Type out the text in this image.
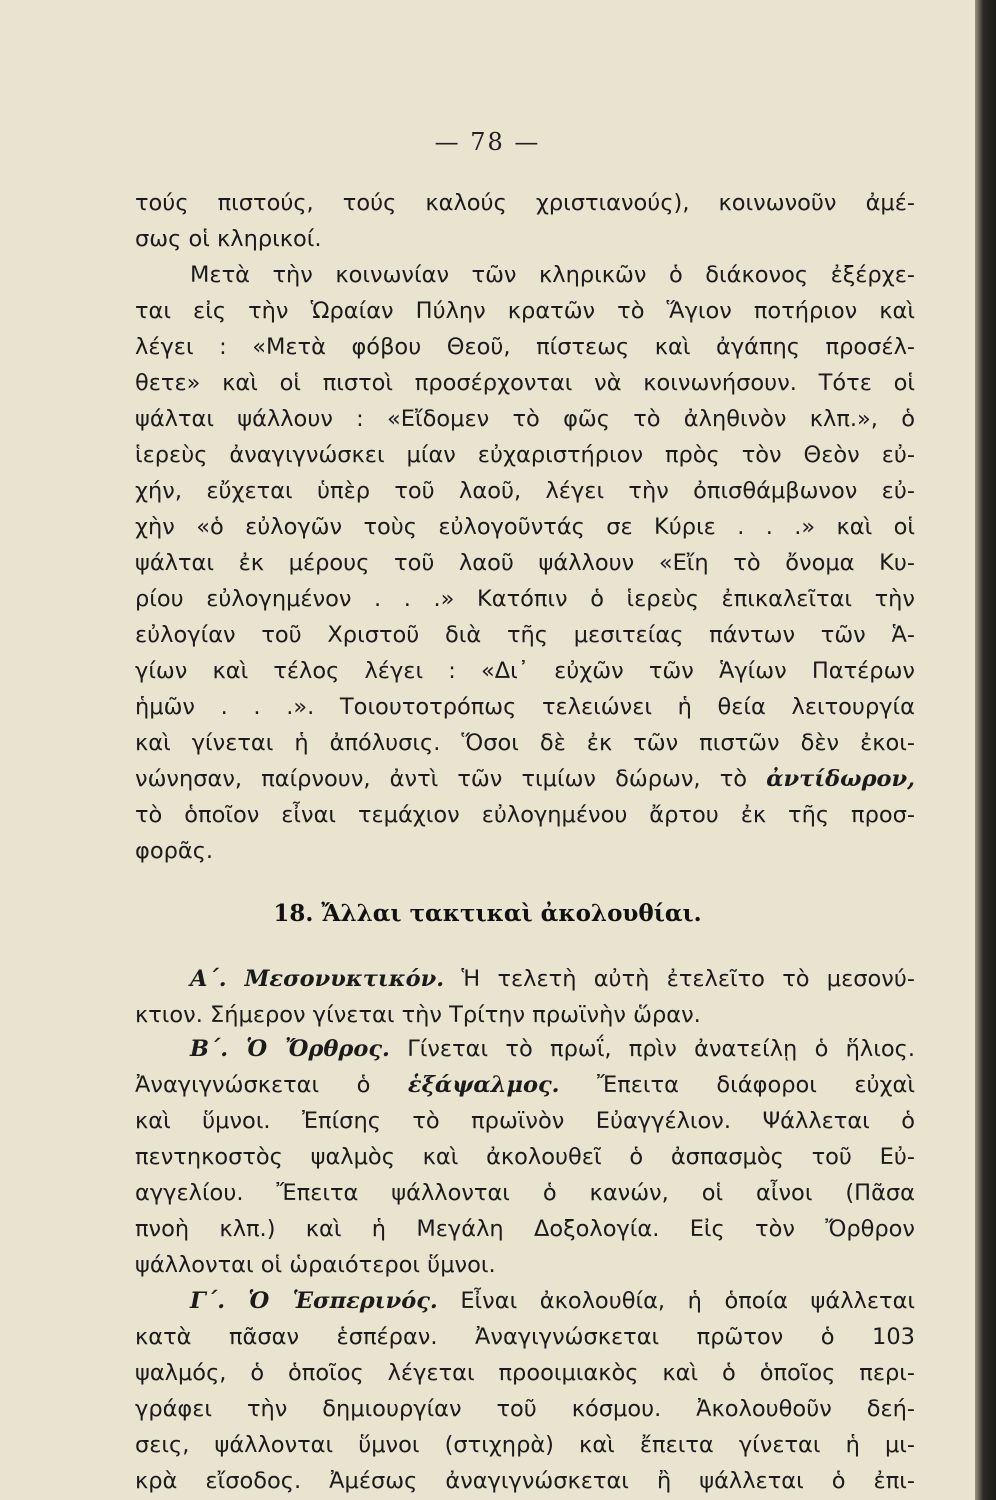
— 78 —
τούς πιστούς, τούς καλούς χριστιανούς), κοινωνοῦν ἀμέ-
σως οἱ κληρικοί.
Μετὰ τὴν κοινωνίαν τῶν κληρικῶν ὁ διάκονος ἐξέρχε-
ται εἰς τὴν Ὡραίαν Πύλην κρατῶν τὸ Ἅγιον ποτήριον καὶ
λέγει : «Μετὰ φόβου Θεοῦ, πίστεως καὶ ἀγάπης προσέλ-
θετε» καὶ οἱ πιστοὶ προσέρχονται νὰ κοινωνήσουν. Τότε οἱ
ψάλται ψάλλουν : «Εἴδομεν τὸ φῶς τὸ ἀληθινὸν κλπ.», ὁ
ἱερεὺς ἀναγιγνώσκει μίαν εὐχαριστήριον πρὸς τὸν Θεὸν εὐ-
χήν, εὔχεται ὑπὲρ τοῦ λαοῦ, λέγει τὴν ὀπισθάμβωνον εὐ-
χὴν «ὁ εὐλογῶν τοὺς εὐλογοῦντάς σε Κύριε . . .» καὶ οἱ
ψάλται ἐκ μέρους τοῦ λαοῦ ψάλλουν «Εἴη τὸ ὄνομα Κυ-
ρίου εὐλογημένον . . .» Κατόπιν ὁ ἱερεὺς ἐπικαλεῖται τὴν
εὐλογίαν τοῦ Χριστοῦ διὰ τῆς μεσιτείας πάντων τῶν Ἁ-
γίων καὶ τέλος λέγει : «Δι᾽ εὐχῶν τῶν Ἁγίων Πατέρων
ἡμῶν . . .». Τοιουτοτρόπως τελειώνει ἡ θεία λειτουργία
καὶ γίνεται ἡ ἀπόλυσις. Ὅσοι δὲ ἐκ τῶν πιστῶν δὲν ἐκοι-
νώνησαν, παίρνουν, ἀντὶ τῶν τιμίων δώρων, τὸ ἀντίδωρον,
τὸ ὁποῖον εἶναι τεμάχιον εὐλογημένου ἄρτου ἐκ τῆς προσ-
φορᾶς.
18. Ἄλλαι τακτικαὶ ἀκολουθίαι.
Α΄. Μεσονυκτικόν. Ἡ τελετὴ αὐτὴ ἐτελεῖτο τὸ μεσονύ-
κτιον. Σήμερον γίνεται τὴν Τρίτην πρωϊνὴν ὥραν.
Β΄. Ὁ Ὄρθρος. Γίνεται τὸ πρωΐ, πρὶν ἀνατείλῃ ὁ ἥλιος.
Ἀναγιγνώσκεται ὁ ἑξάψαλμος. Ἔπειτα διάφοροι εὐχαὶ
καὶ ὕμνοι. Ἐπίσης τὸ πρωϊνὸν Εὐαγγέλιον. Ψάλλεται ὁ
πεντηκοστὸς ψαλμὸς καὶ ἀκολουθεῖ ὁ ἀσπασμὸς τοῦ Εὐ-
αγγελίου. Ἔπειτα ψάλλονται ὁ κανών, οἱ αἶνοι (Πᾶσα
πνοὴ κλπ.) καὶ ἡ Μεγάλη Δοξολογία. Εἰς τὸν Ὄρθρον
ψάλλονται οἱ ὡραιότεροι ὕμνοι.
Γ΄. Ὁ Ἑσπερινός. Εἶναι ἀκολουθία, ἡ ὁποία ψάλλεται
κατὰ πᾶσαν ἑσπέραν. Ἀναγιγνώσκεται πρῶτον ὁ 103
ψαλμός, ὁ ὁποῖος λέγεται προοιμιακὸς καὶ ὁ ὁποῖος περι-
γράφει τὴν δημιουργίαν τοῦ κόσμου. Ἀκολουθοῦν δεή-
σεις, ψάλλονται ὕμνοι (στιχηρὰ) καὶ ἔπειτα γίνεται ἡ μι-
κρὰ εἴσοδος. Ἀμέσως ἀναγιγνώσκεται ἢ ψάλλεται ὁ ἐπι-
